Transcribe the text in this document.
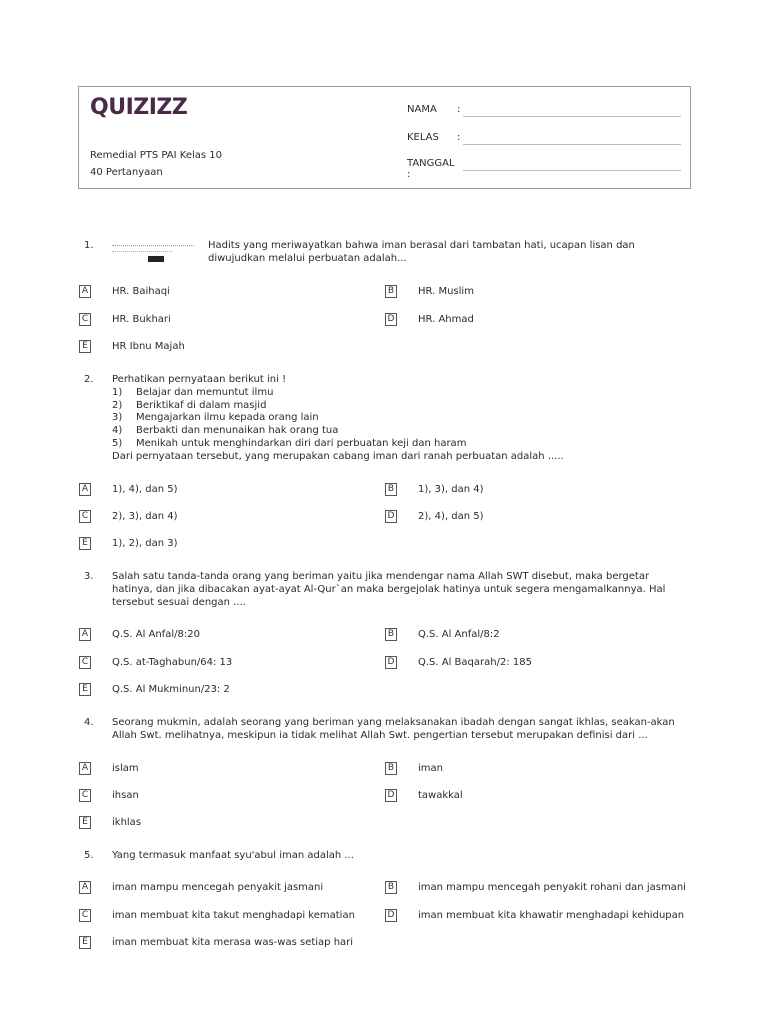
QUIZIZZ
Remedial PTS PAI Kelas 10
40 Pertanyaan
NAMA :
KELAS :
TANGGAL :
1.	Hadits yang meriwayatkan bahwa iman berasal dari tambatan hati, ucapan lisan dan diwujudkan melalui perbuatan adalah...
A HR. Baihaqi	B HR. Muslim
C HR. Bukhari	D HR. Ahmad
E	HR Ibnu Majah
2. Perhatikan pernyataan berikut ini !
1) Belajar dan memuntut ilmu
2) Beriktikaf di dalam masjid
3) Mengajarkan ilmu kepada orang lain
4) Berbakti dan menunaikan hak orang tua
5) Menikah untuk menghindarkan diri dari perbuatan keji dan haram
Dari pernyataan tersebut, yang merupakan cabang iman dari ranah perbuatan adalah .....
A 1), 4), dan 5)	B 1), 3), dan 4)
C 2), 3), dan 4)	D 2), 4), dan 5)
E	1), 2), dan 3)
3. Salah satu tanda-tanda orang yang beriman yaitu jika mendengar nama Allah SWT disebut, maka bergetar hatinya, dan jika dibacakan ayat-ayat Al-Qur`an maka bergejolak hatinya untuk segera mengamalkannya. Hal tersebut sesuai dengan ....
A Q.S. Al Anfal/8:20	B Q.S. Al Anfal/8:2
C Q.S. at-Taghabun/64: 13	D Q.S. Al Baqarah/2: 185
E	Q.S. Al Mukminun/23: 2
4. Seorang mukmin, adalah seorang yang beriman yang melaksanakan ibadah dengan sangat ikhlas, seakan-akan Allah Swt. melihatnya, meskipun ia tidak melihat Allah Swt. pengertian tersebut merupakan definisi dari ...
A islam	B iman
C ihsan	D tawakkal
E	ikhlas
5. Yang termasuk manfaat syu'abul iman adalah ...
A iman mampu mencegah penyakit jasmani	B iman mampu mencegah penyakit rohani dan jasmani
C iman membuat kita takut menghadapi kematian	D iman membuat kita khawatir menghadapi kehidupan
E	iman membuat kita merasa was-was setiap hari
